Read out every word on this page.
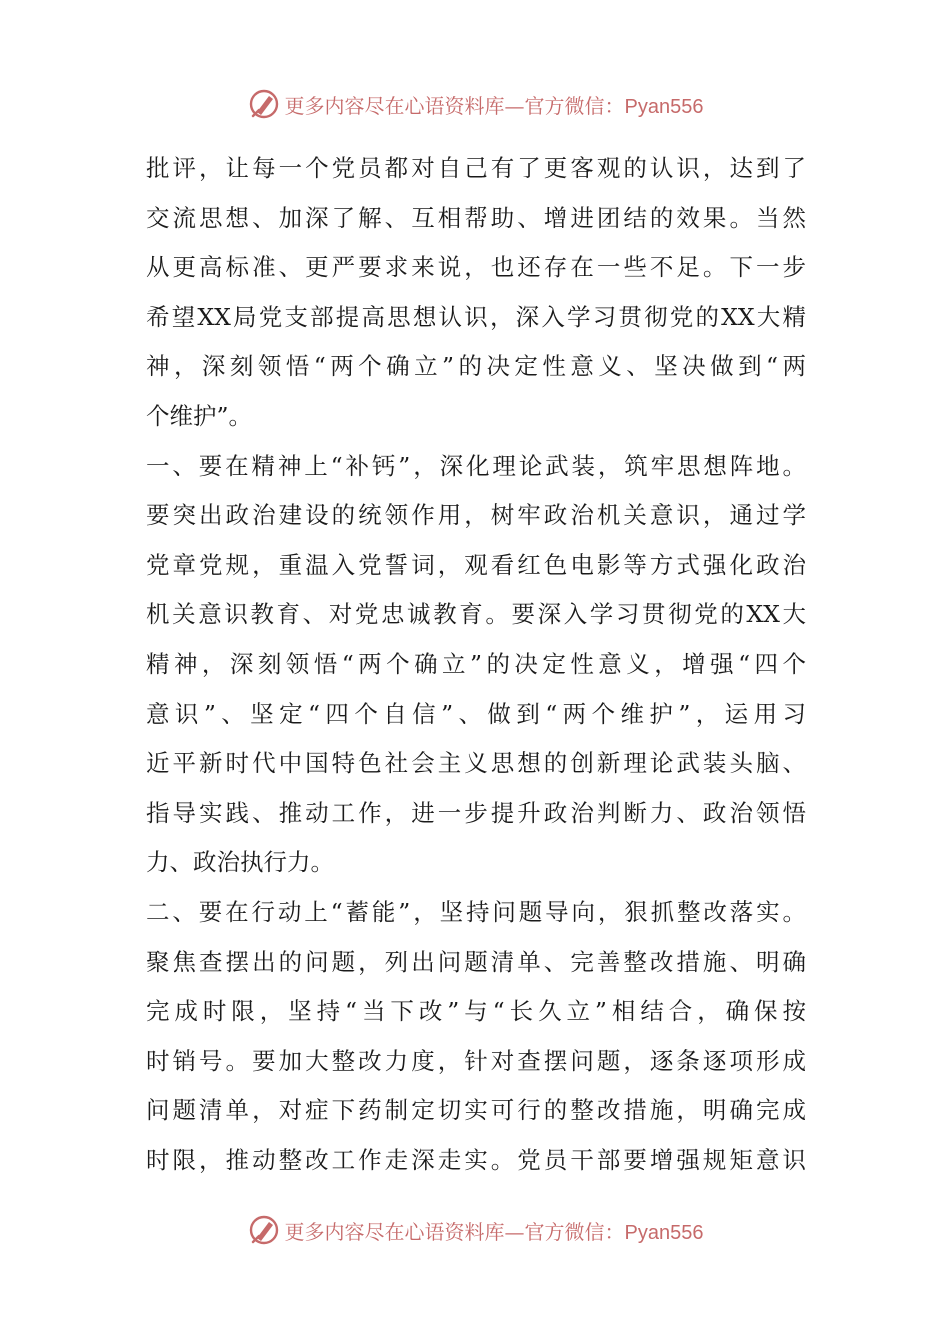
更多内容尽在心语资料库—官方微信：Pyan556
批评，让每一个党员都对自己有了更客观的认识，达到了
交流思想、加深了解、互相帮助、增进团结的效果。当然
从更高标准、更严要求来说，也还存在一些不足。下一步
希望XX局党支部提高思想认识，深入学习贯彻党的XX大精
神，深刻领悟“两个确立”的决定性意义、坚决做到“两
个维护”。
一、要在精神上“补钙”，深化理论武装，筑牢思想阵地。
要突出政治建设的统领作用，树牢政治机关意识，通过学
党章党规，重温入党誓词，观看红色电影等方式强化政治
机关意识教育、对党忠诚教育。要深入学习贯彻党的XX大
精神，深刻领悟“两个确立”的决定性意义，增强“四个
意识”、坚定“四个自信”、做到“两个维护”，运用习
近平新时代中国特色社会主义思想的创新理论武装头脑、
指导实践、推动工作，进一步提升政治判断力、政治领悟
力、政治执行力。
二、要在行动上“蓄能”，坚持问题导向，狠抓整改落实。
聚焦查摆出的问题，列出问题清单、完善整改措施、明确
完成时限，坚持“当下改”与“长久立”相结合，确保按
时销号。要加大整改力度，针对查摆问题，逐条逐项形成
问题清单，对症下药制定切实可行的整改措施，明确完成
时限，推动整改工作走深走实。党员干部要增强规矩意识
更多内容尽在心语资料库—官方微信：Pyan556
